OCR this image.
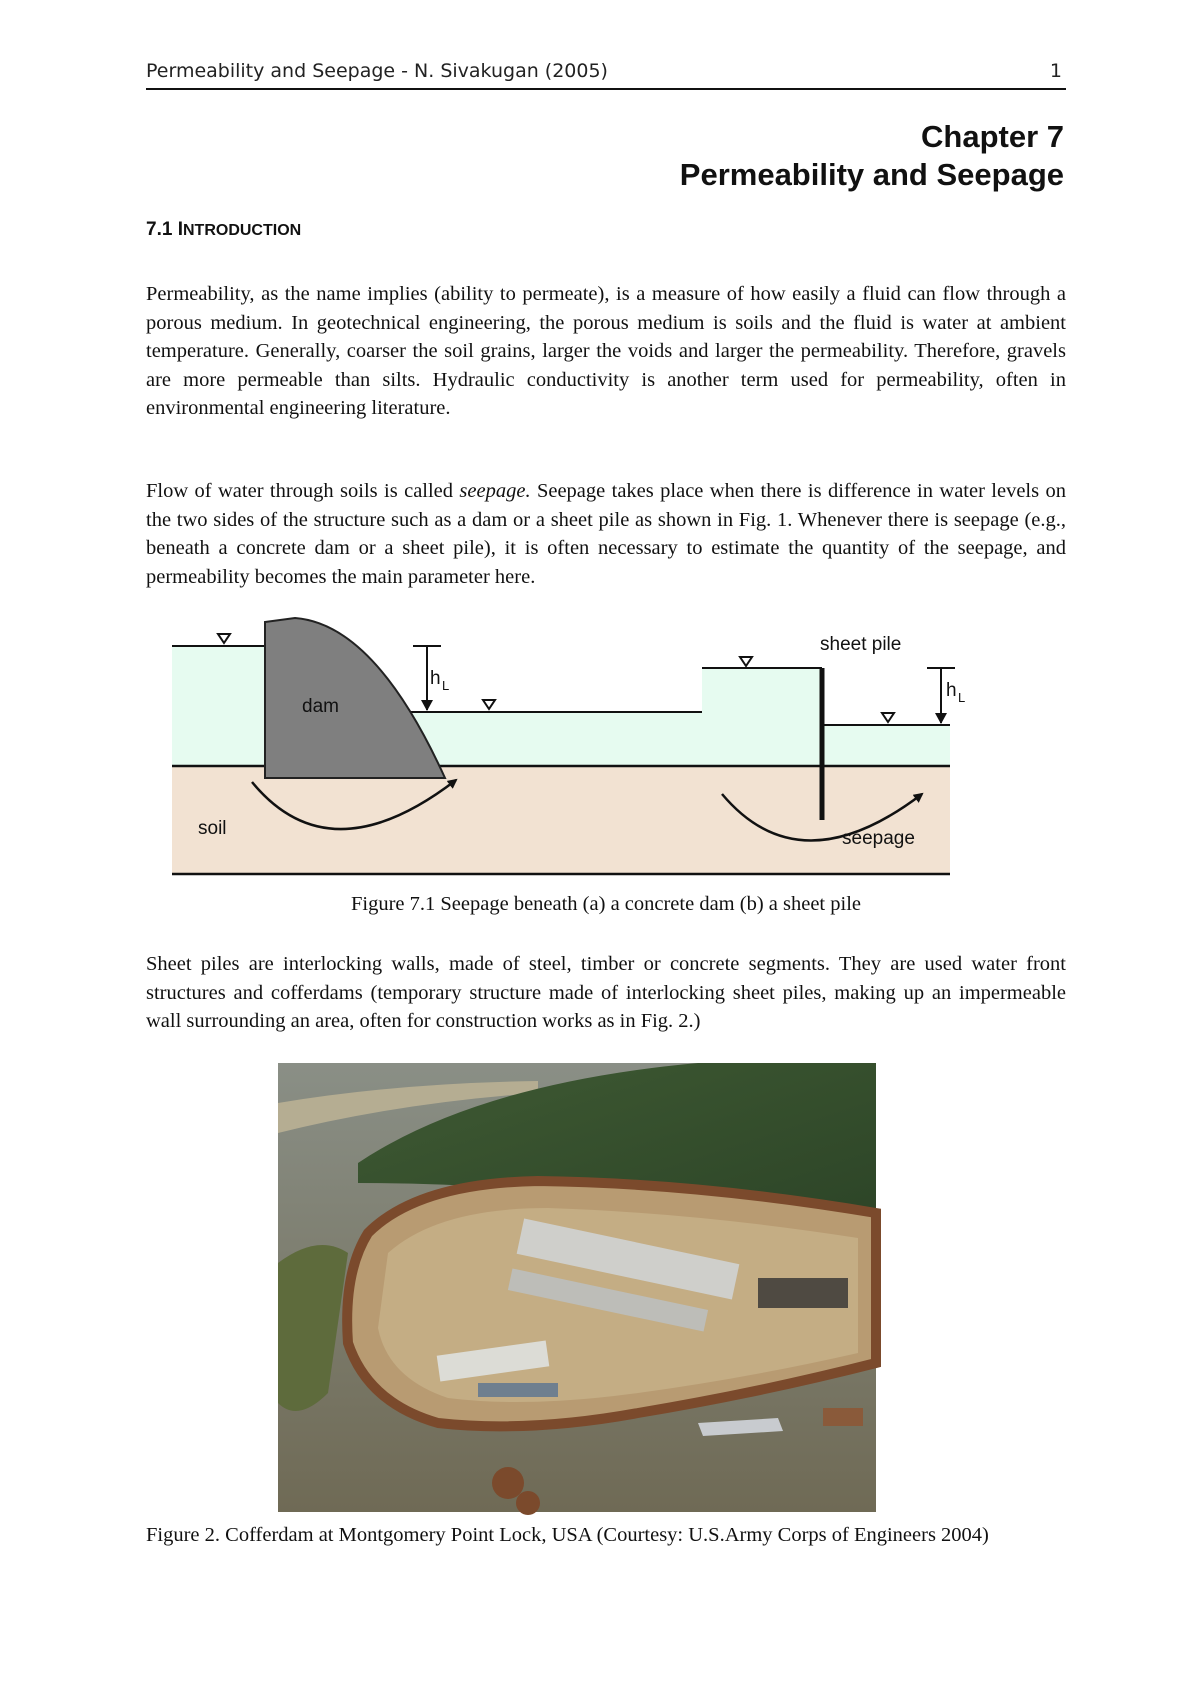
Permeability and Seepage - N. Sivakugan (2005)	1
Chapter 7
Permeability and Seepage
7.1 INTRODUCTION

Permeability, as the name implies (ability to permeate), is a measure of how easily a fluid can flow through a porous medium. In geotechnical engineering, the porous medium is soils and the fluid is water at ambient temperature. Generally, coarser the soil grains, larger the voids and larger the permeability. Therefore, gravels are more permeable than silts. Hydraulic conductivity is another term used for permeability, often in environmental engineering literature.

Flow of water through soils is called seepage. Seepage takes place when there is difference in water levels on the two sides of the structure such as a dam or a sheet pile as shown in Fig. 1. Whenever there is seepage (e.g., beneath a concrete dam or a sheet pile), it is often necessary to estimate the quantity of the seepage, and permeability becomes the main parameter here.

dam
soil
h L
sheet pile
h L
seepage
Figure 7.1 Seepage beneath (a) a concrete dam (b) a sheet pile

Sheet piles are interlocking walls, made of steel, timber or concrete segments. They are used water front structures and cofferdams (temporary structure made of interlocking sheet piles, making up an impermeable wall surrounding an area, often for construction works as in Fig. 2.)

Figure 2. Cofferdam at Montgomery Point Lock, USA (Courtesy: U.S.Army Corps of Engineers 2004)
